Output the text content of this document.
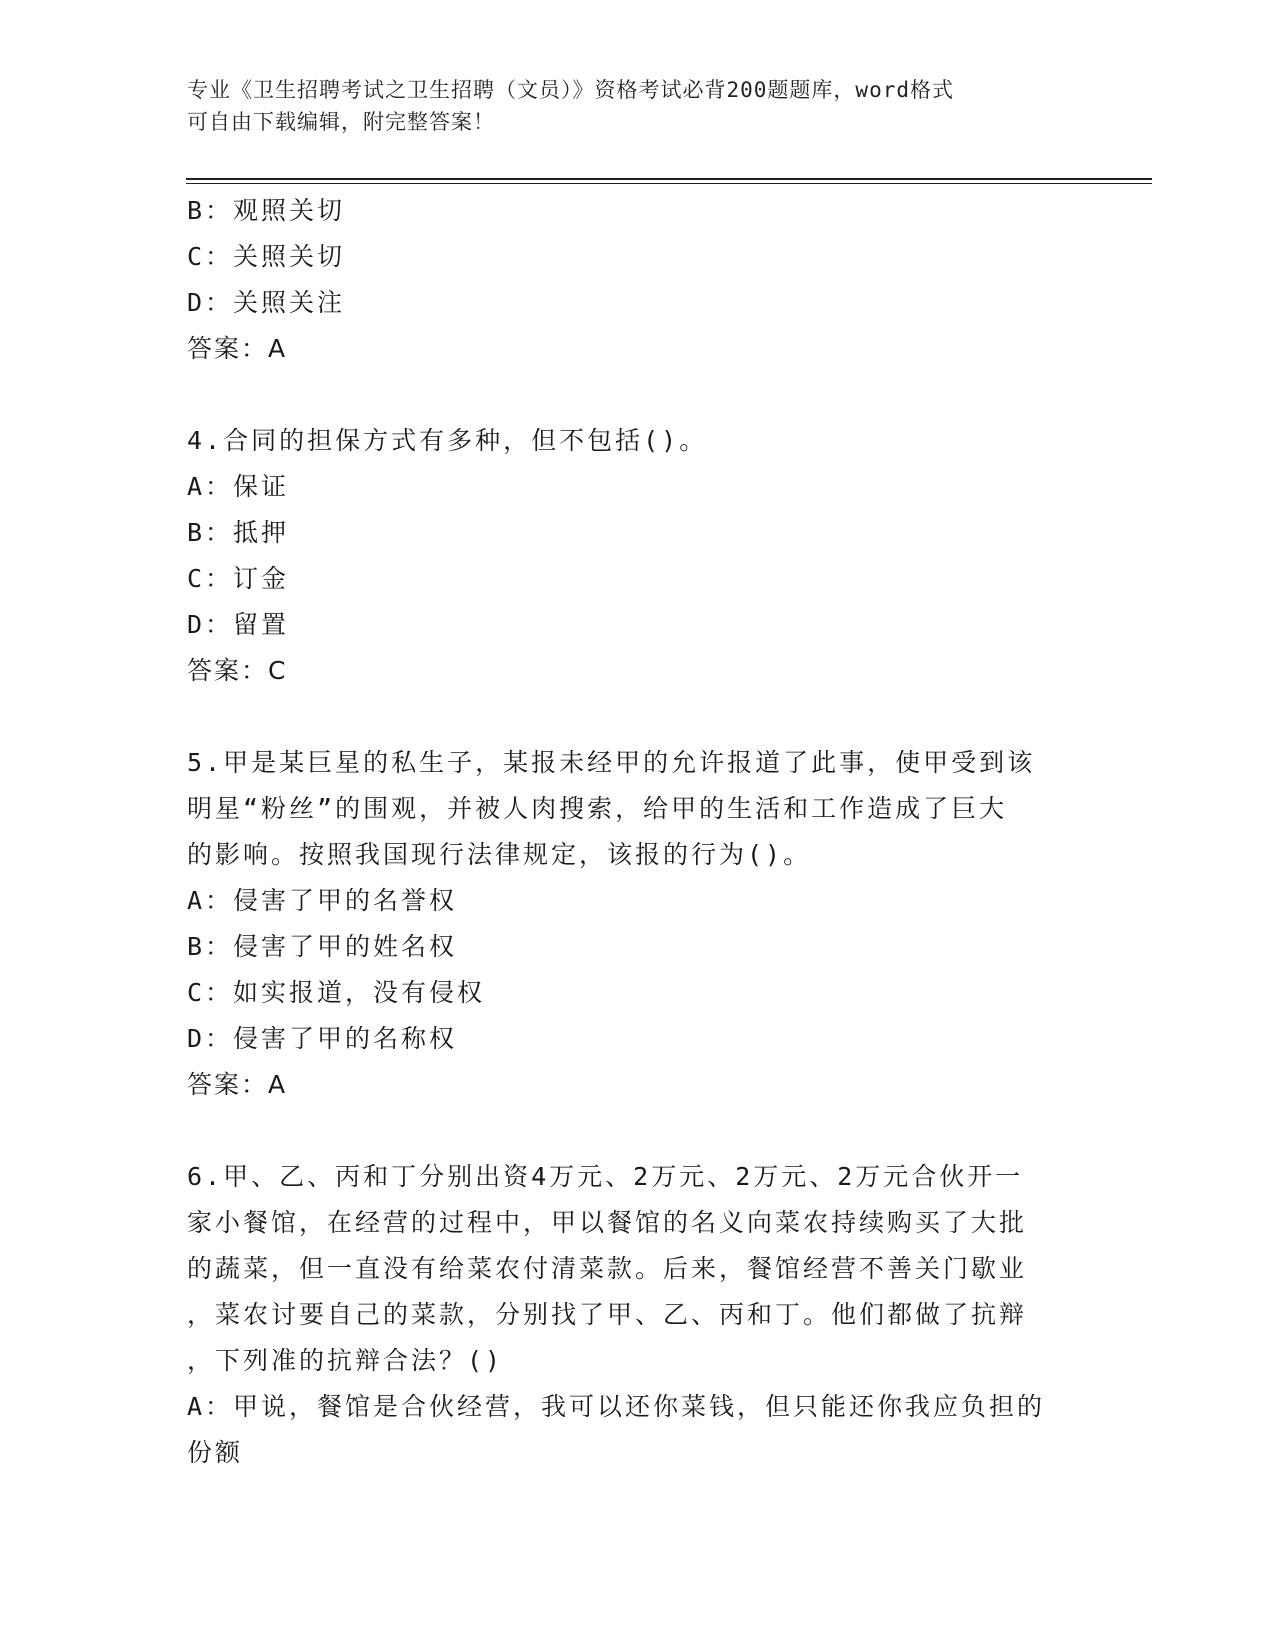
专业《卫生招聘考试之卫生招聘（文员）》资格考试必背200题题库，word格式
可自由下载编辑，附完整答案！
B：观照关切
C：关照关切
D：关照关注
答案：A
4.合同的担保方式有多种，但不包括()。
A：保证
B：抵押
C：订金
D：留置
答案：C
5.甲是某巨星的私生子，某报未经甲的允许报道了此事，使甲受到该
明星“粉丝”的围观，并被人肉搜索，给甲的生活和工作造成了巨大
的影响。按照我国现行法律规定，该报的行为()。
A：侵害了甲的名誉权
B：侵害了甲的姓名权
C：如实报道，没有侵权
D：侵害了甲的名称权
答案：A
6.甲、乙、丙和丁分别出资4万元、2万元、2万元、2万元合伙开一
家小餐馆，在经营的过程中，甲以餐馆的名义向菜农持续购买了大批
的蔬菜，但一直没有给菜农付清菜款。后来，餐馆经营不善关门歇业
，菜农讨要自己的菜款，分别找了甲、乙、丙和丁。他们都做了抗辩
，下列准的抗辩合法？()
A：甲说，餐馆是合伙经营，我可以还你菜钱，但只能还你我应负担的
份额
